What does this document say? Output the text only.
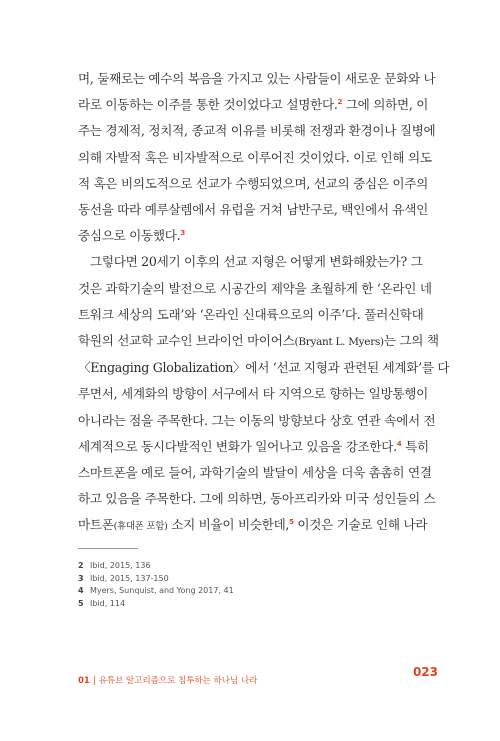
며, 둘째로는 예수의 복음을 가지고 있는 사람들이 새로운 문화와 나
라로 이동하는 이주를 통한 것이었다고 설명한다.$^2$ 그에 의하면, 이
주는 경제적, 정치적, 종교적 이유를 비롯해 전쟁과 환경이나 질병에
의해 자발적 혹은 비자발적으로 이루어진 것이었다. 이로 인해 의도
적 혹은 비의도적으로 선교가 수행되었으며, 선교의 중심은 이주의
동선을 따라 예루살렘에서 유럽을 거쳐 남반구로, 백인에서 유색인
중심으로 이동했다.$^3$
그렇다면 20세기 이후의 선교 지형은 어떻게 변화해왔는가? 그
것은 과학기술의 발전으로 시공간의 제약을 초월하게 한 ‘온라인 네
트워크 세상의 도래’와 ‘온라인 신대륙으로의 이주’다. 풀러신학대
학원의 선교학 교수인 브라이언 마이어스(Bryant L. Myers)는 그의 책
〈Engaging Globalization〉에서 ‘선교 지형과 관련된 세계화’를 다
루면서, 세계화의 방향이 서구에서 타 지역으로 향하는 일방통행이
아니라는 점을 주목한다. 그는 이동의 방향보다 상호 연관 속에서 전
세계적으로 동시다발적인 변화가 일어나고 있음을 강조한다.$^4$ 특히
스마트폰을 예로 들어, 과학기술의 발달이 세상을 더욱 촘촘히 연결
하고 있음을 주목한다. 그에 의하면, 동아프리카와 미국 성인들의 스
마트폰(휴대폰 포함) 소지 비율이 비슷한데,$^5$ 이것은 기술로 인해 나라
2 Ibid, 2015, 136
3 Ibid, 2015, 137-150
4 Myers, Sunquist, and Yong 2017, 41
5 Ibid, 114
01 | 유튜브 알고리즘으로 침투하는 하나님 나라
023
